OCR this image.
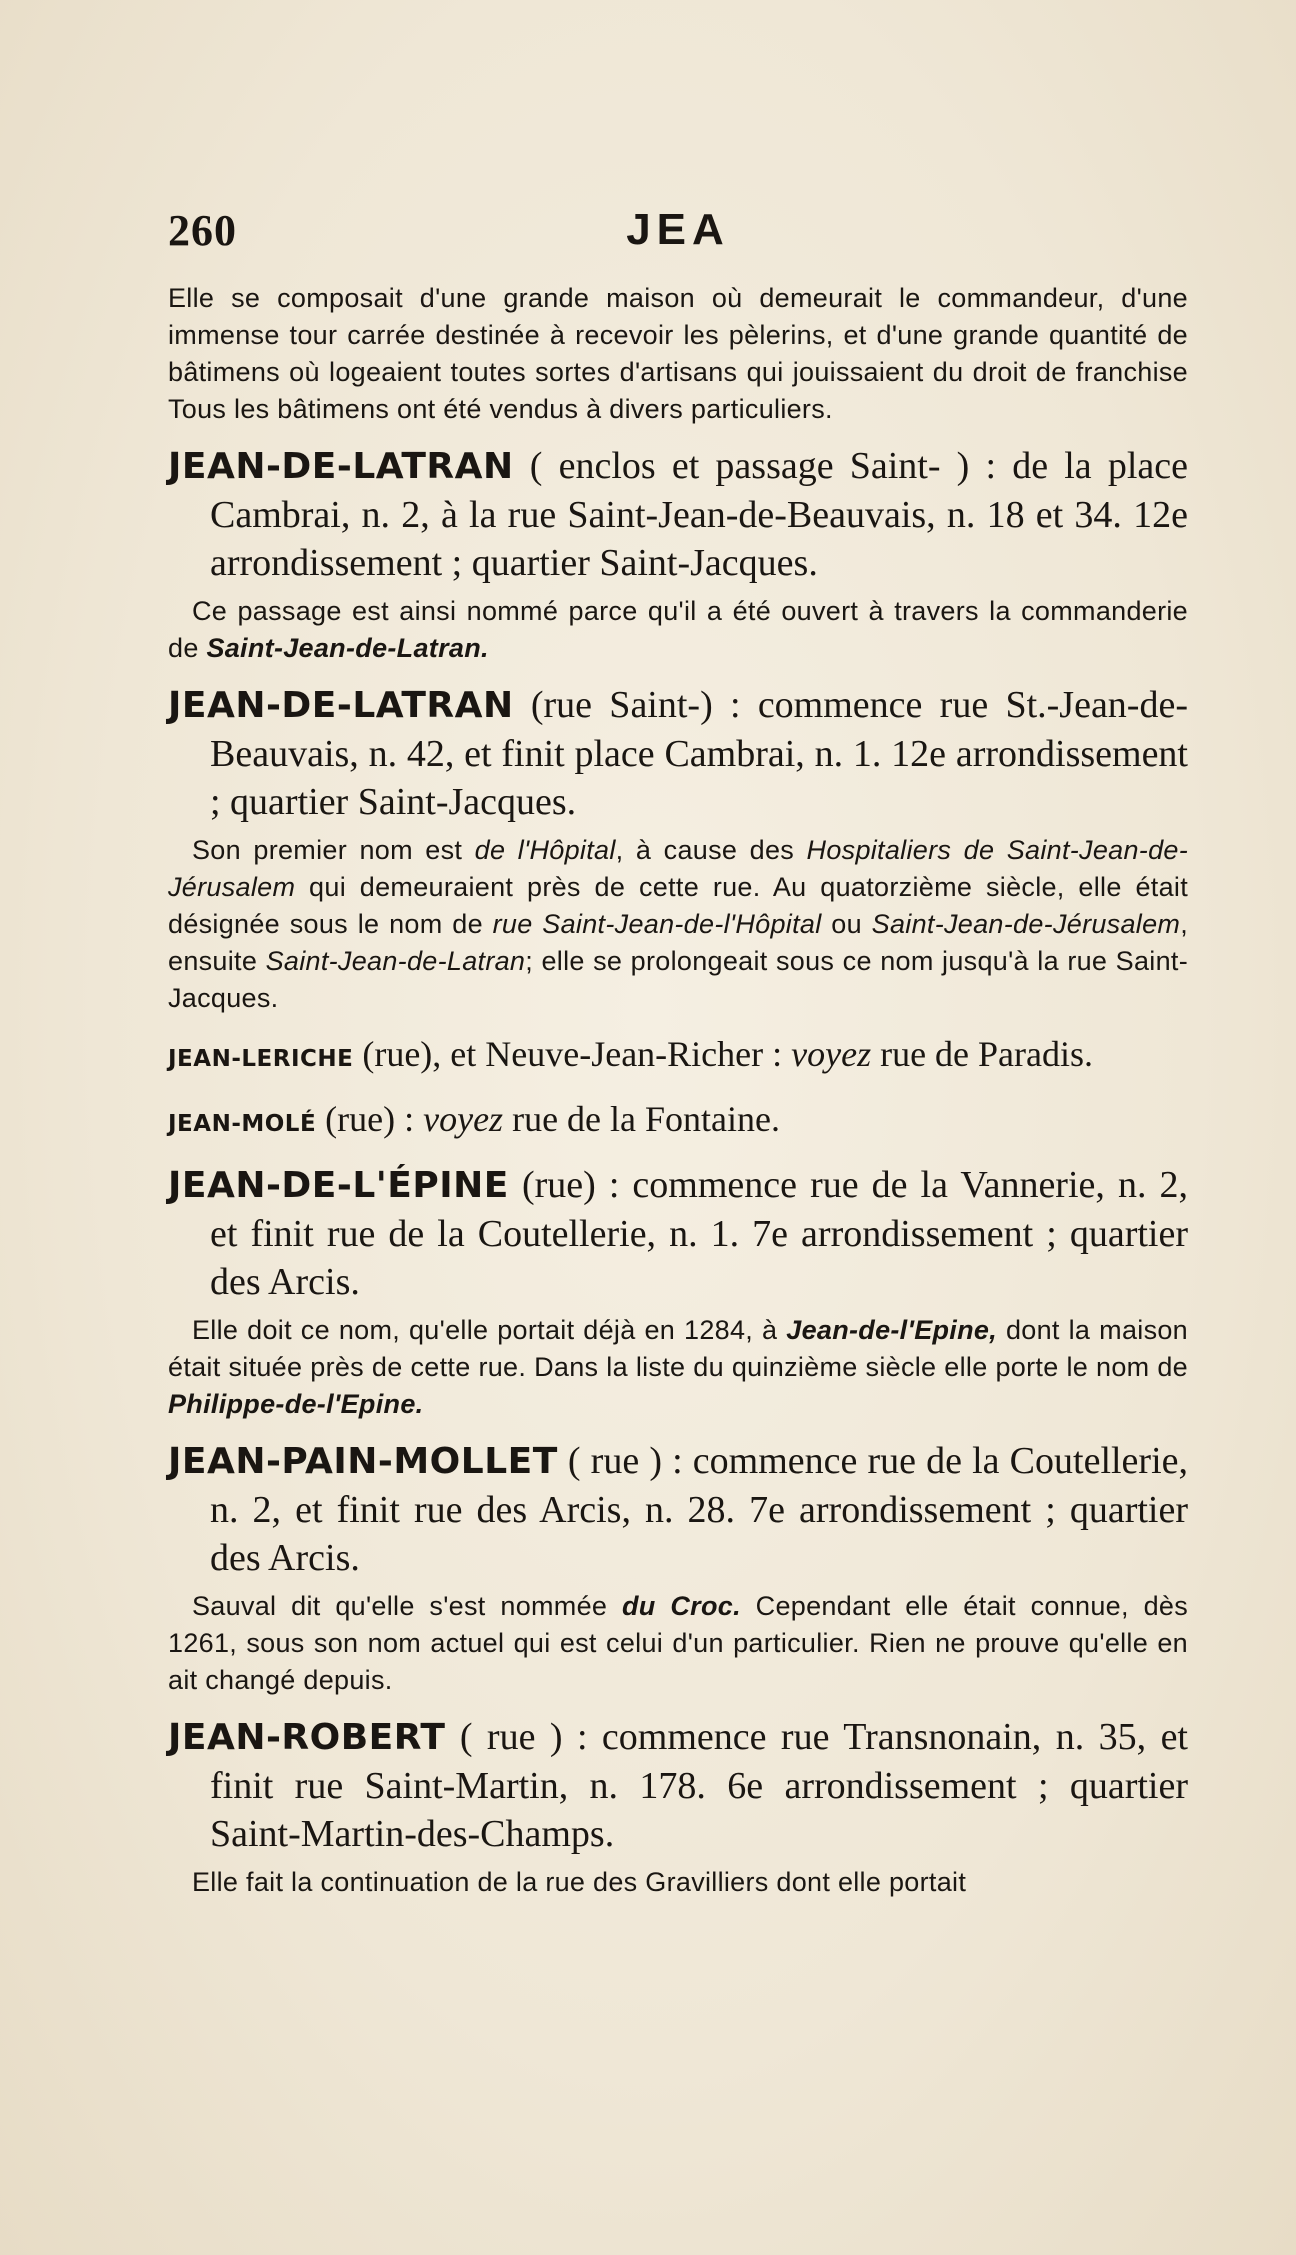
260	JEA

Elle se composait d'une grande maison où demeurait le commandeur, d'une immense tour carrée destinée à recevoir les pèlerins, et d'une grande quantité de bâtimens où logeaient toutes sortes d'artisans qui jouissaient du droit de franchise Tous les bâtimens ont été vendus à divers particuliers.

JEAN-DE-LATRAN ( enclos et passage Saint- ) : de la place Cambrai, n. 2, à la rue Saint-Jean-de-Beauvais, n. 18 et 34. 12e arrondissement ; quartier Saint-Jacques.

Ce passage est ainsi nommé parce qu'il a été ouvert à travers la commanderie de Saint-Jean-de-Latran.

JEAN-DE-LATRAN (rue Saint-) : commence rue St.-Jean-de-Beauvais, n. 42, et finit place Cambrai, n. 1. 12e arrondissement ; quartier Saint-Jacques.

Son premier nom est de l'Hôpital, à cause des Hospitaliers de Saint-Jean-de-Jérusalem qui demeuraient près de cette rue. Au quatorzième siècle, elle était désignée sous le nom de rue Saint-Jean-de-l'Hôpital ou Saint-Jean-de-Jérusalem, ensuite Saint-Jean-de-Latran; elle se prolongeait sous ce nom jusqu'à la rue Saint-Jacques.

JEAN-LERICHE (rue), et Neuve-Jean-Richer : voyez rue de Paradis.

JEAN-MOLÉ (rue) : voyez rue de la Fontaine.

JEAN-DE-L'ÉPINE (rue) : commence rue de la Vannerie, n. 2, et finit rue de la Coutellerie, n. 1. 7e arrondissement ; quartier des Arcis.

Elle doit ce nom, qu'elle portait déjà en 1284, à Jean-de-l'Epine, dont la maison était située près de cette rue. Dans la liste du quinzième siècle elle porte le nom de Philippe-de-l'Epine.

JEAN-PAIN-MOLLET ( rue ) : commence rue de la Coutellerie, n. 2, et finit rue des Arcis, n. 28. 7e arrondissement ; quartier des Arcis.

Sauval dit qu'elle s'est nommée du Croc. Cependant elle était connue, dès 1261, sous son nom actuel qui est celui d'un particulier. Rien ne prouve qu'elle en ait changé depuis.

JEAN-ROBERT ( rue ) : commence rue Transnonain, n. 35, et finit rue Saint-Martin, n. 178. 6e arrondissement ; quartier Saint-Martin-des-Champs.

Elle fait la continuation de la rue des Gravilliers dont elle portait
